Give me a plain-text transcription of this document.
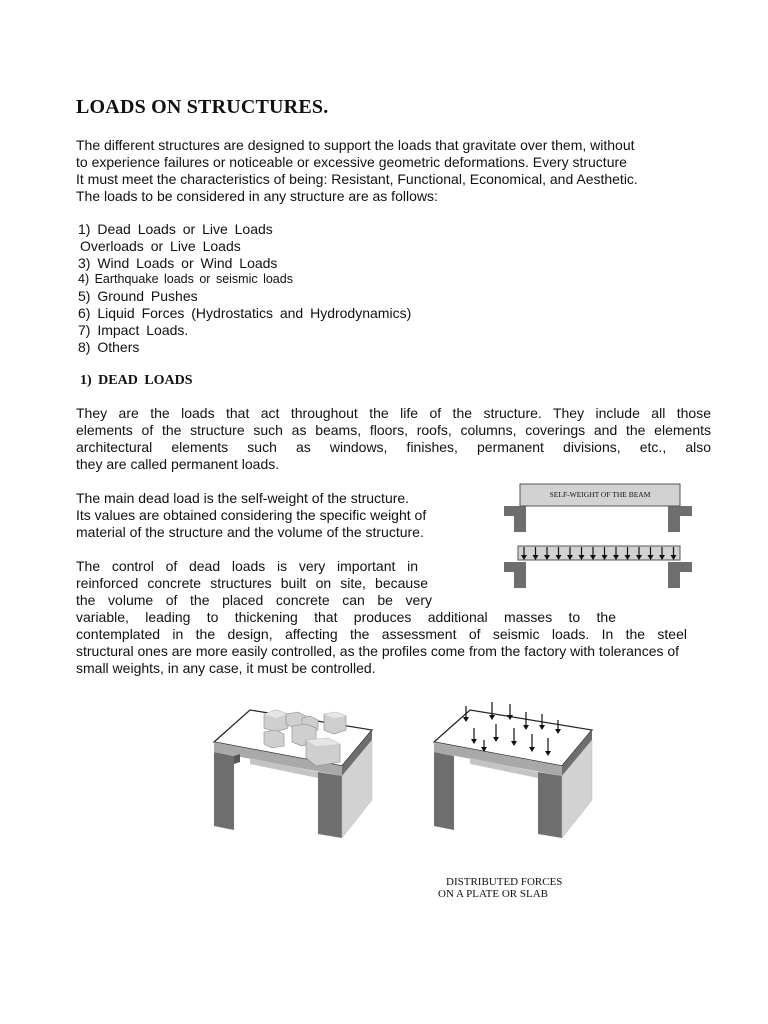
LOADS ON STRUCTURES.
The different structures are designed to support the loads that gravitate over them, without
to experience failures or noticeable or excessive geometric deformations. Every structure
It must meet the characteristics of being: Resistant, Functional, Economical, and Aesthetic.
The loads to be considered in any structure are as follows:
1) Dead Loads or Live Loads
Overloads or Live Loads
3) Wind Loads or Wind Loads
4) Earthquake loads or seismic loads
5) Ground Pushes
6) Liquid Forces (Hydrostatics and Hydrodynamics)
7) Impact Loads.
8) Others
1) DEAD LOADS
They are the loads that act throughout the life of the structure. They include all those
elements of the structure such as beams, floors, roofs, columns, coverings and the elements
architectural elements such as windows, finishes, permanent divisions, etc., also
they are called permanent loads.
The main dead load is the self-weight of the structure.
Its values are obtained considering the specific weight of
material of the structure and the volume of the structure.
The control of dead loads is very important in
reinforced concrete structures built on site, because
the volume of the placed concrete can be very
variable, leading to thickening that produces additional masses to the
contemplated in the design, affecting the assessment of seismic loads. In the steel
structural ones are more easily controlled, as the profiles come from the factory with tolerances of
small weights, in any case, it must be controlled.
SELF-WEIGHT OF THE BEAM
DISTRIBUTED FORCES
ON A PLATE OR SLAB
